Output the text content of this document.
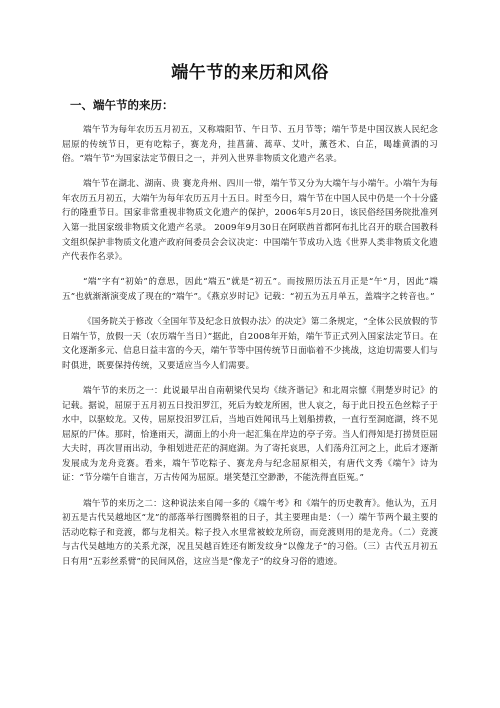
端午节的来历和风俗
一、端午节的来历：

端午节为每年农历五月初五，又称端阳节、午日节、五月节等；端午节是中国汉族人民纪念屈原的传统节日，更有吃粽子，赛龙舟，挂菖蒲、蒿草、艾叶，薰苍术、白芷，喝雄黄酒的习俗。“端午节”为国家法定节假日之一，并列入世界非物质文化遗产名录。

端午节在湖北、湖南、贵 赛龙舟州、四川一带，端午节又分为大端午与小端午。小端午为每年农历五月初五，大端午为每年农历五月十五日。时至今日，端午节在中国人民中仍是一个十分盛行的隆重节日。国家非常重视非物质文化遗产的保护，2006年5月20日，该民俗经国务院批准列入第一批国家级非物质文化遗产名录。 2009年9月30日在阿联酋首都阿布扎比召开的联合国教科文组织保护非物质文化遗产政府间委员会会议决定：中国端午节成功入选《世界人类非物质文化遗产代表作名录》。

“端”字有“初始”的意思，因此“端五”就是“初五”。而按照历法五月正是“午”月，因此“端五”也就渐渐演变成了现在的“端午”。《燕京岁时记》记载：“初五为五月单五，盖端字之转音也。”

《国务院关于修改〈全国年节及纪念日放假办法〉的决定》第二条规定，“全体公民放假的节日端午节，放假一天（农历端午当日）”据此，自2008年开始，端午节正式列入国家法定节日。在文化逐渐多元、信息日益丰富的今天，端午节等中国传统节日面临着不少挑战，这迫切需要人们与时俱进，既要保持传统，又要适应当今人们需要。

端午节的来历之一：此说最早出自南朝梁代吴均《续齐谐记》和北周宗懔《荆楚岁时记》的记载。据说，屈原于五月初五日投汨罗江，死后为蛟龙所困，世人哀之，每于此日投五色丝粽子于水中，以驱蛟龙。又传，屈原投汨罗江后，当地百姓闻讯马上划船捞救，一直行至洞庭湖，终不见屈原的尸体。那时，恰逢雨天，湖面上的小舟一起汇集在岸边的亭子旁。当人们得知是打捞贤臣屈大夫时，再次冒雨出动，争相划进茫茫的洞庭湖。为了寄托哀思，人们荡舟江河之上，此后才逐渐发展成为龙舟竞赛。看来，端午节吃粽子、赛龙舟与纪念屈原相关，有唐代文秀《端午》诗为证：“节分端午自谁言，万古传闻为屈原。堪笑楚江空渺渺，不能洗得直臣冤。”

端午节的来历之二：这种说法来自闻一多的《端午考》和《端午的历史教育》。他认为，五月初五是古代吴越地区“龙”的部落举行图腾祭祖的日子，其主要理由是：（一）端午节两个最主要的活动吃粽子和竞渡，都与龙相关。粽子投入水里常被蛟龙所窃，而竞渡则用的是龙舟。（二）竞渡与古代吴越地方的关系尤深，况且吴越百姓还有断发纹身“以像龙子”的习俗。（三）古代五月初五日有用“五彩丝系臂”的民间风俗，这应当是“像龙子”的纹身习俗的遗迹。
